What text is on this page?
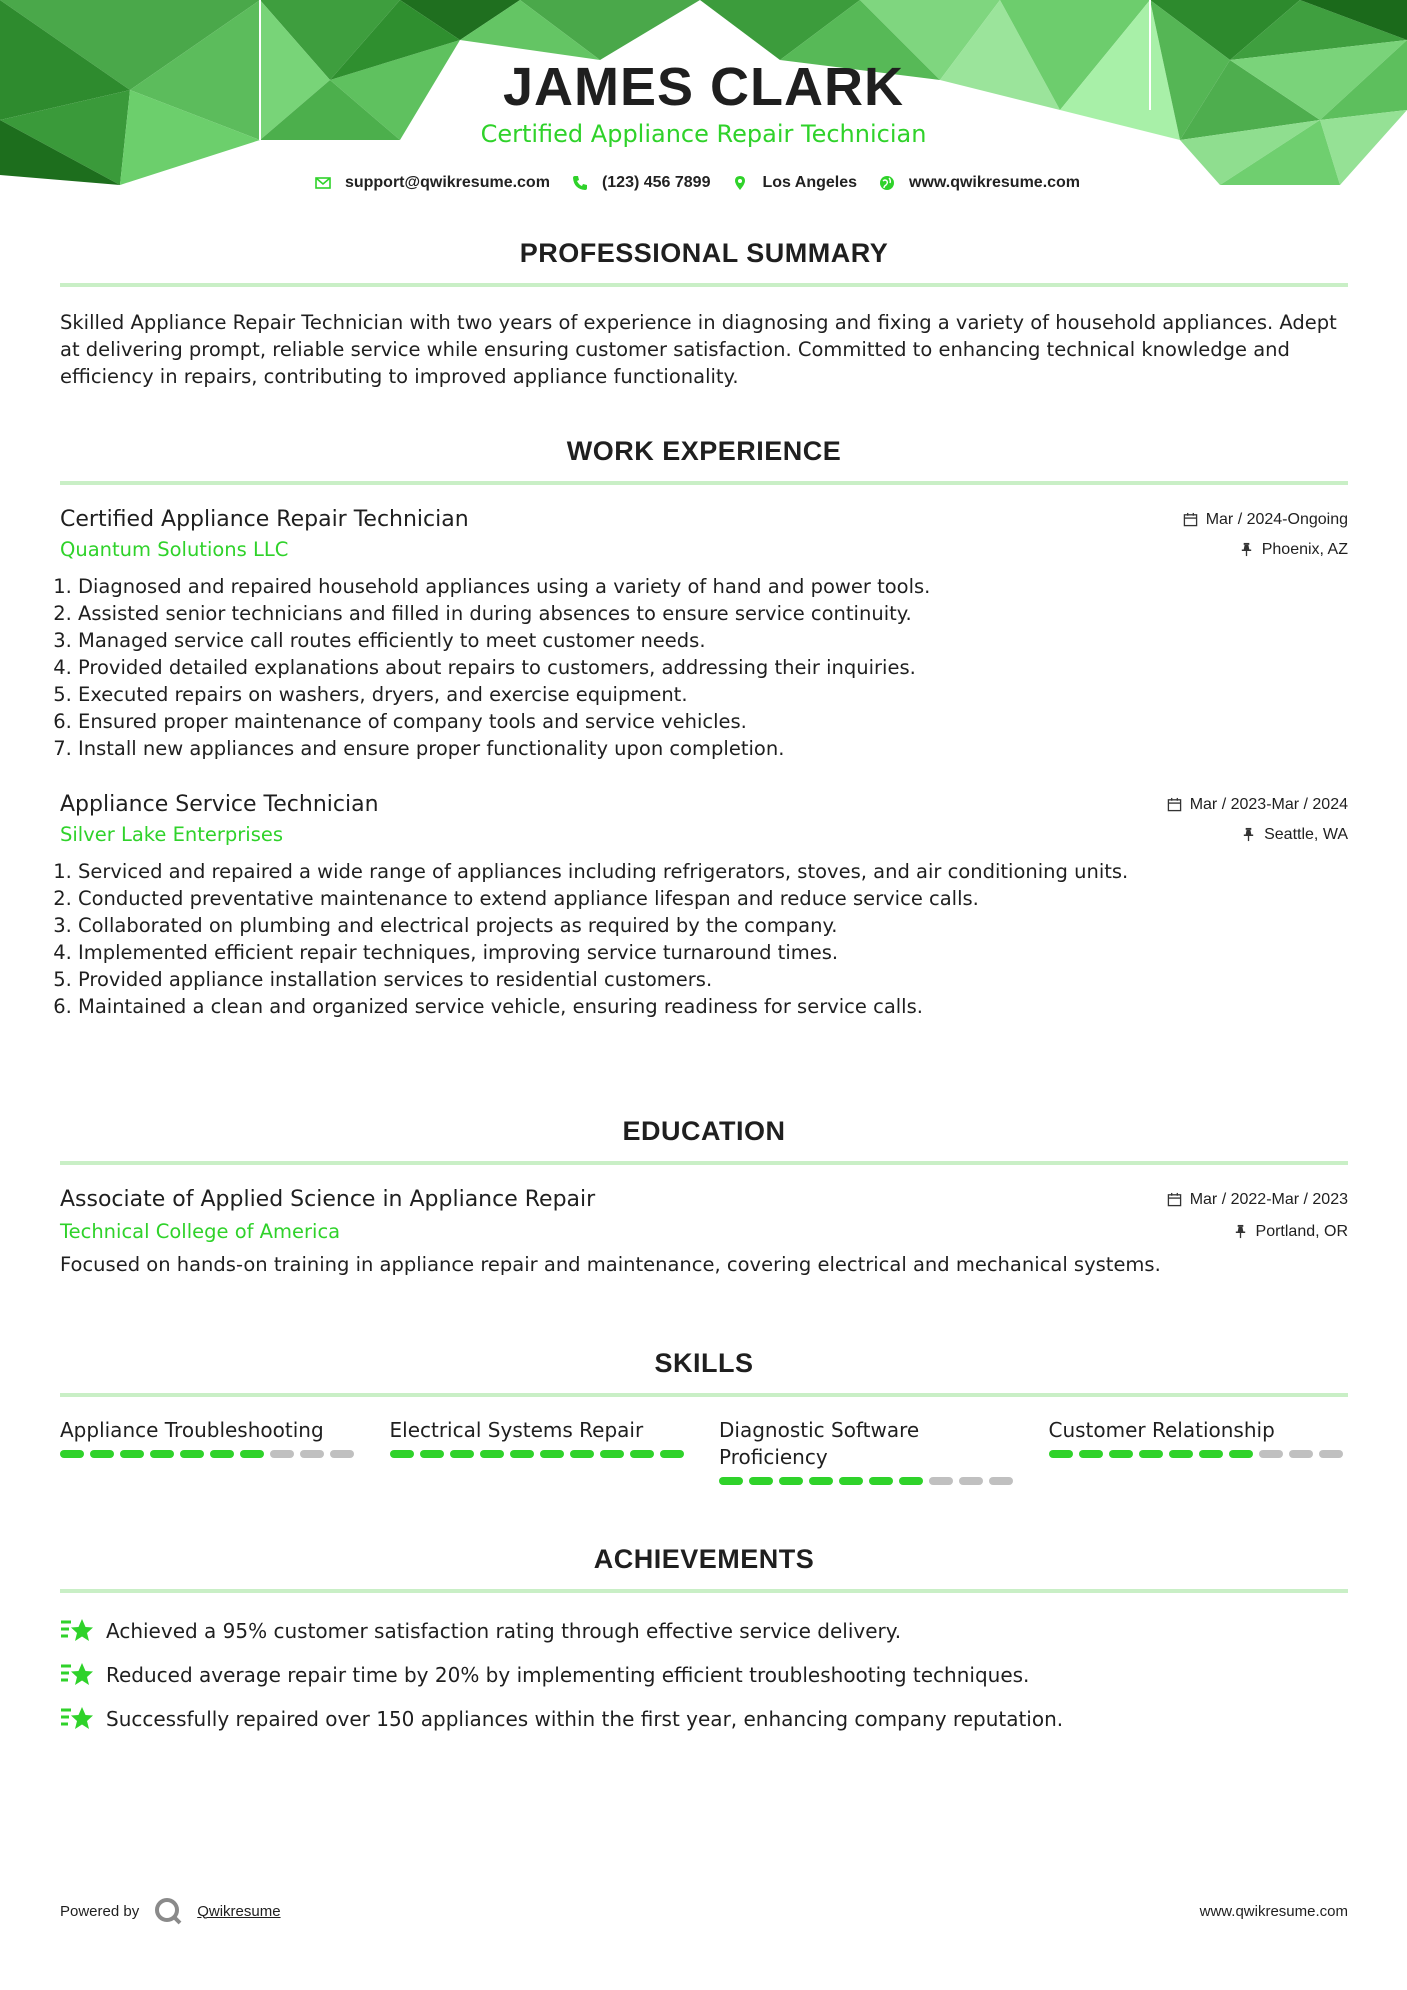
JAMES CLARK
Certified Appliance Repair Technician
support@qwikresume.com	(123) 456 7899	Los Angeles	www.qwikresume.com
PROFESSIONAL SUMMARY

Skilled Appliance Repair Technician with two years of experience in diagnosing and fixing a variety of household appliances. Adept at delivering prompt, reliable service while ensuring customer satisfaction. Committed to enhancing technical knowledge and efficiency in repairs, contributing to improved appliance functionality.

WORK EXPERIENCE
Certified Appliance Repair Technician	Mar / 2024-Ongoing
Quantum Solutions LLC	Phoenix, AZ
1. Diagnosed and repaired household appliances using a variety of hand and power tools.
2. Assisted senior technicians and filled in during absences to ensure service continuity.
3. Managed service call routes efficiently to meet customer needs.
4. Provided detailed explanations about repairs to customers, addressing their inquiries.
5. Executed repairs on washers, dryers, and exercise equipment.
6. Ensured proper maintenance of company tools and service vehicles.
7. Install new appliances and ensure proper functionality upon completion.
Appliance Service Technician	Mar / 2023-Mar / 2024
Silver Lake Enterprises	Seattle, WA
1. Serviced and repaired a wide range of appliances including refrigerators, stoves, and air conditioning units.
2. Conducted preventative maintenance to extend appliance lifespan and reduce service calls.
3. Collaborated on plumbing and electrical projects as required by the company.
4. Implemented efficient repair techniques, improving service turnaround times.
5. Provided appliance installation services to residential customers.
6. Maintained a clean and organized service vehicle, ensuring readiness for service calls.
EDUCATION
Associate of Applied Science in Appliance Repair	Mar / 2022-Mar / 2023
Technical College of America	Portland, OR

Focused on hands-on training in appliance repair and maintenance, covering electrical and mechanical systems.

SKILLS
Appliance Troubleshooting	Electrical Systems Repair	Diagnostic Software Proficiency
Customer Relationship
ACHIEVEMENTS
Achieved a 95% customer satisfaction rating through effective service delivery.
Reduced average repair time by 20% by implementing efficient troubleshooting techniques.
Successfully repaired over 150 appliances within the first year, enhancing company reputation.
Powered by	Qwikresume	www.qwikresume.com
